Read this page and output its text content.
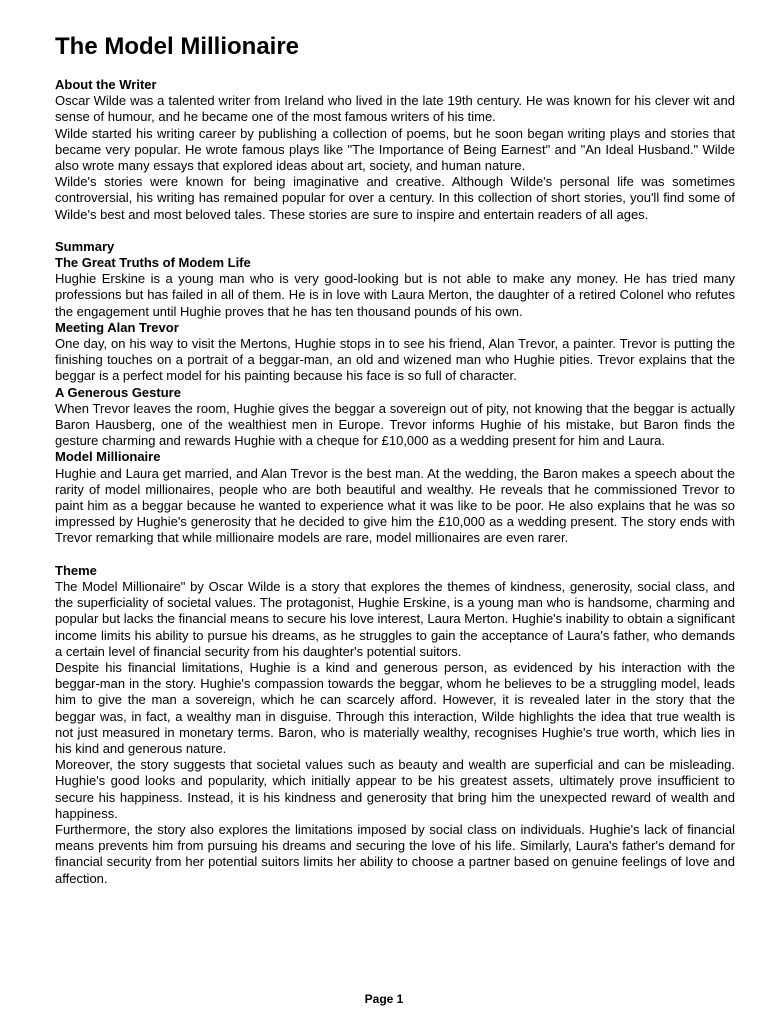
The Model Millionaire
About the Writer

Oscar Wilde was a talented writer from Ireland who lived in the late 19th century. He was known for his clever wit and sense of humour, and he became one of the most famous writers of his time.

Wilde started his writing career by publishing a collection of poems, but he soon began writing plays and stories that became very popular. He wrote famous plays like "The Importance of Being Earnest" and "An Ideal Husband." Wilde also wrote many essays that explored ideas about art, society, and human nature.

Wilde's stories were known for being imaginative and creative. Although Wilde's personal life was sometimes controversial, his writing has remained popular for over a century. In this collection of short stories, you'll find some of Wilde's best and most beloved tales. These stories are sure to inspire and entertain readers of all ages.

Summary
The Great Truths of Modem Life

Hughie Erskine is a young man who is very good-looking but is not able to make any money. He has tried many professions but has failed in all of them. He is in love with Laura Merton, the daughter of a retired Colonel who refutes the engagement until Hughie proves that he has ten thousand pounds of his own.

Meeting Alan Trevor

One day, on his way to visit the Mertons, Hughie stops in to see his friend, Alan Trevor, a painter. Trevor is putting the finishing touches on a portrait of a beggar-man, an old and wizened man who Hughie pities. Trevor explains that the beggar is a perfect model for his painting because his face is so full of character.

A Generous Gesture

When Trevor leaves the room, Hughie gives the beggar a sovereign out of pity, not knowing that the beggar is actually Baron Hausberg, one of the wealthiest men in Europe. Trevor informs Hughie of his mistake, but Baron finds the gesture charming and rewards Hughie with a cheque for £10,000 as a wedding present for him and Laura.

Model Millionaire

Hughie and Laura get married, and Alan Trevor is the best man. At the wedding, the Baron makes a speech about the rarity of model millionaires, people who are both beautiful and wealthy. He reveals that he commissioned Trevor to paint him as a beggar because he wanted to experience what it was like to be poor. He also explains that he was so impressed by Hughie's generosity that he decided to give him the £10,000 as a wedding present. The story ends with Trevor remarking that while millionaire models are rare, model millionaires are even rarer.

Theme

The Model Millionaire" by Oscar Wilde is a story that explores the themes of kindness, generosity, social class, and the superficiality of societal values. The protagonist, Hughie Erskine, is a young man who is handsome, charming and popular but lacks the financial means to secure his love interest, Laura Merton. Hughie's inability to obtain a significant income limits his ability to pursue his dreams, as he struggles to gain the acceptance of Laura's father, who demands a certain level of financial security from his daughter's potential suitors.

Despite his financial limitations, Hughie is a kind and generous person, as evidenced by his interaction with the beggar-man in the story. Hughie's compassion towards the beggar, whom he believes to be a struggling model, leads him to give the man a sovereign, which he can scarcely afford. However, it is revealed later in the story that the beggar was, in fact, a wealthy man in disguise. Through this interaction, Wilde highlights the idea that true wealth is not just measured in monetary terms. Baron, who is materially wealthy, recognises Hughie's true worth, which lies in his kind and generous nature.

Moreover, the story suggests that societal values such as beauty and wealth are superficial and can be misleading. Hughie's good looks and popularity, which initially appear to be his greatest assets, ultimately prove insufficient to secure his happiness. Instead, it is his kindness and generosity that bring him the unexpected reward of wealth and happiness.

Furthermore, the story also explores the limitations imposed by social class on individuals. Hughie's lack of financial means prevents him from pursuing his dreams and securing the love of his life. Similarly, Laura's father's demand for financial security from her potential suitors limits her ability to choose a partner based on genuine feelings of love and affection.

Page 1
